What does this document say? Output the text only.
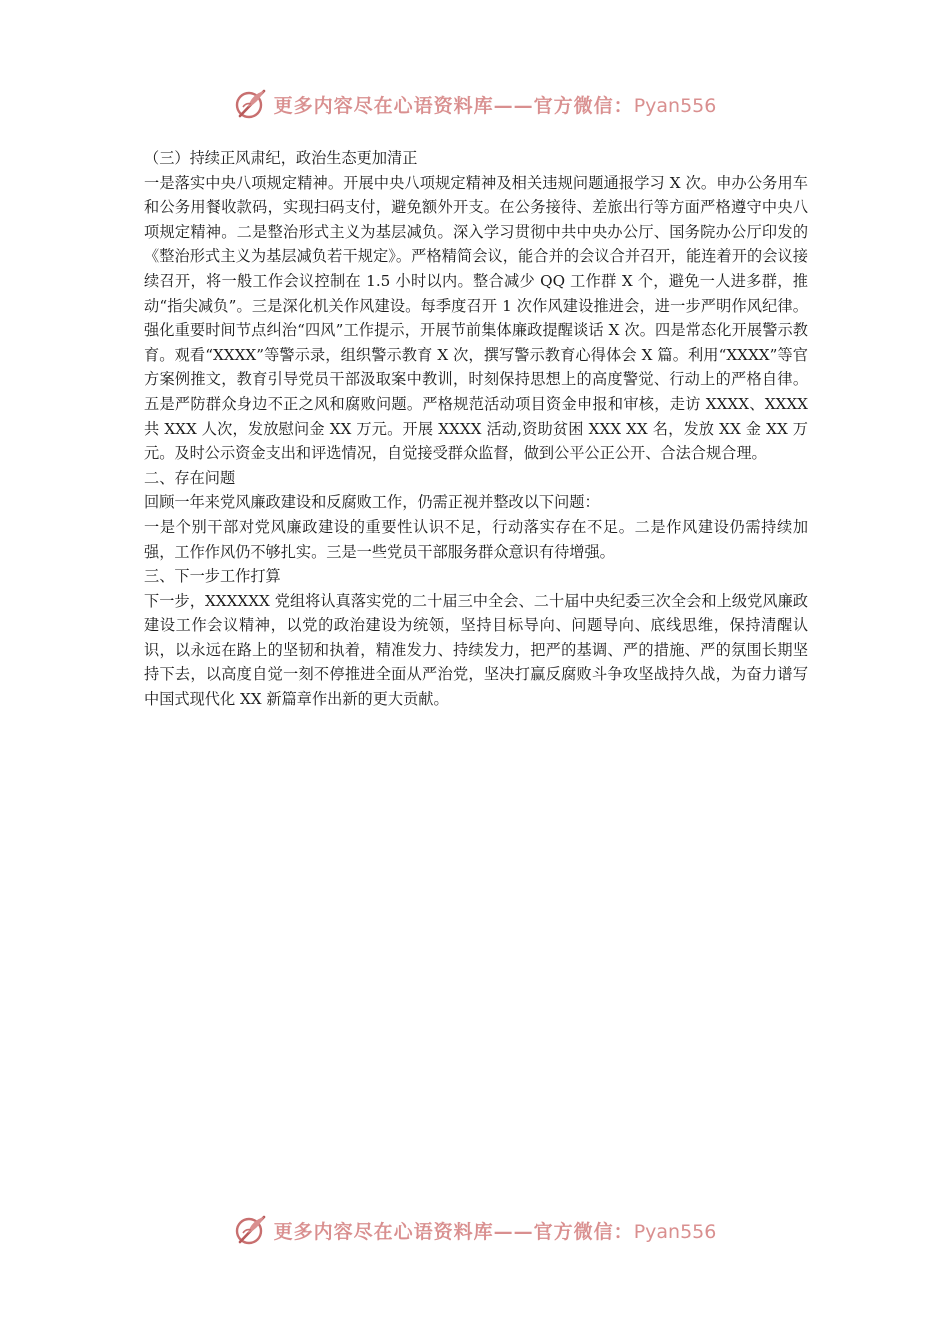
更多内容尽在心语资料库——官方微信：Pyan556

（三）持续正风肃纪，政治生态更加清正

一是落实中央八项规定精神。开展中央八项规定精神及相关违规问题通报学习 X 次。申办公务用车和公务用餐收款码，实现扫码支付，避免额外开支。在公务接待、差旅出行等方面严格遵守中央八项规定精神。二是整治形式主义为基层减负。深入学习贯彻中共中央办公厅、国务院办公厅印发的《整治形式主义为基层减负若干规定》。严格精简会议，能合并的会议合并召开，能连着开的会议接续召开，将一般工作会议控制在 1.5 小时以内。整合减少 QQ 工作群 X 个，避免一人进多群，推动“指尖减负”。三是深化机关作风建设。每季度召开 1 次作风建设推进会，进一步严明作风纪律。强化重要时间节点纠治“四风”工作提示，开展节前集体廉政提醒谈话 X 次。四是常态化开展警示教育。观看“XXXX”等警示录，组织警示教育 X 次，撰写警示教育心得体会 X 篇。利用“XXXX”等官方案例推文，教育引导党员干部汲取案中教训，时刻保持思想上的高度警觉、行动上的严格自律。五是严防群众身边不正之风和腐败问题。严格规范活动项目资金申报和审核，走访 XXXX、XXXX 共 XXX 人次，发放慰问金 XX 万元。开展 XXXX 活动,资助贫困 XXX XX 名，发放 XX 金 XX 万元。及时公示资金支出和评选情况，自觉接受群众监督，做到公平公正公开、合法合规合理。

二、存在问题

回顾一年来党风廉政建设和反腐败工作，仍需正视并整改以下问题：

一是个别干部对党风廉政建设的重要性认识不足，行动落实存在不足。二是作风建设仍需持续加强，工作作风仍不够扎实。三是一些党员干部服务群众意识有待增强。

三、下一步工作打算

下一步，XXXXXX 党组将认真落实党的二十届三中全会、二十届中央纪委三次全会和上级党风廉政建设工作会议精神，以党的政治建设为统领，坚持目标导向、问题导向、底线思维，保持清醒认识，以永远在路上的坚韧和执着，精准发力、持续发力，把严的基调、严的措施、严的氛围长期坚持下去，以高度自觉一刻不停推进全面从严治党，坚决打赢反腐败斗争攻坚战持久战，为奋力谱写中国式现代化 XX 新篇章作出新的更大贡献。

更多内容尽在心语资料库——官方微信：Pyan556
